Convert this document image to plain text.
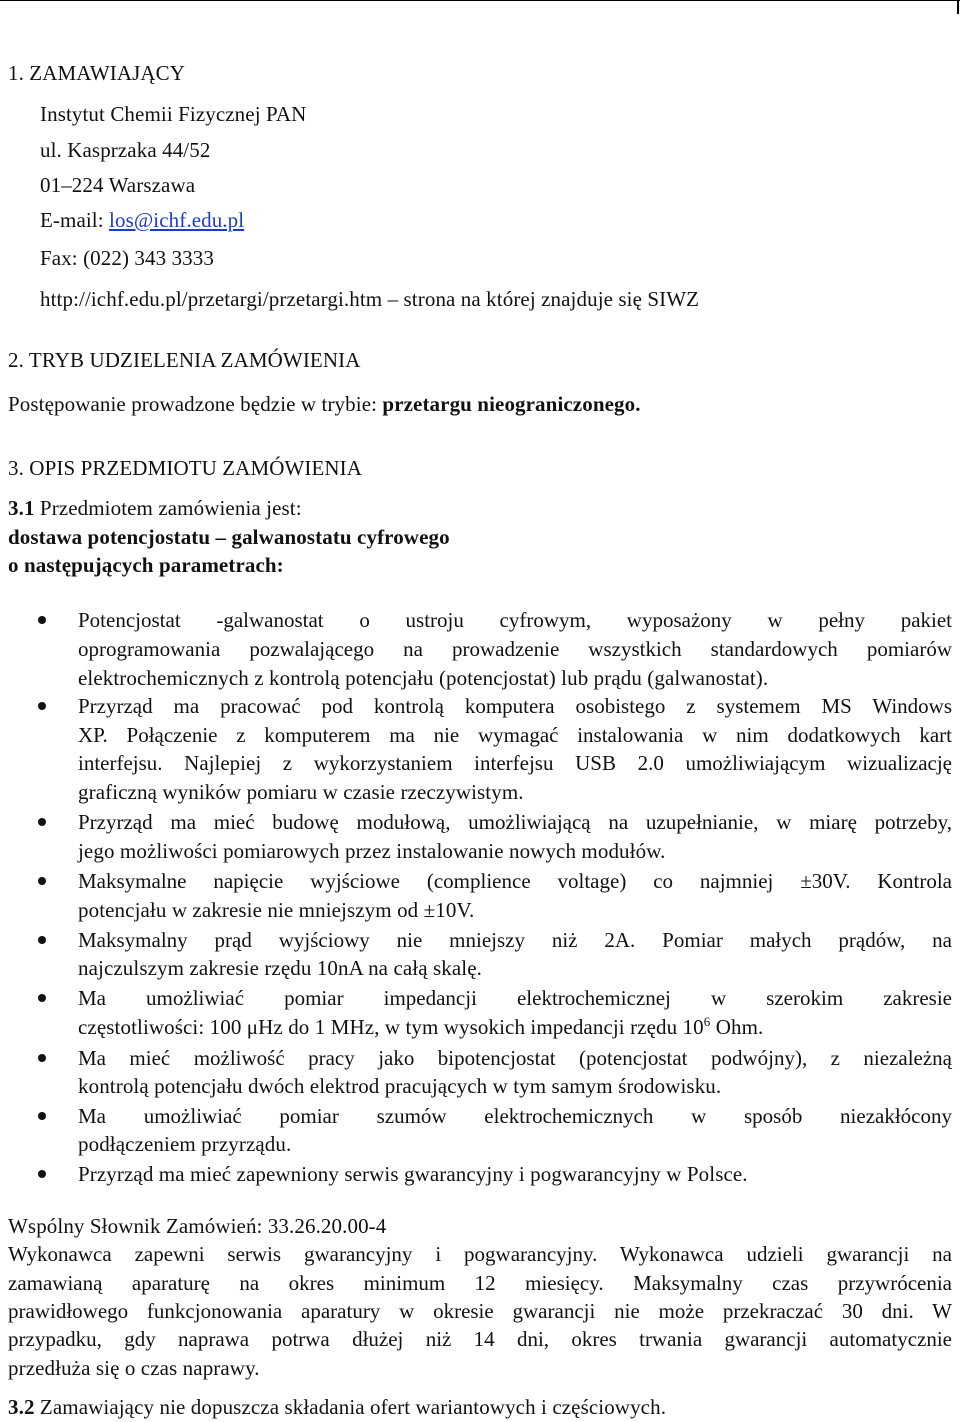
1. ZAMAWIAJĄCY
Instytut Chemii Fizycznej PAN
ul. Kasprzaka 44/52
01–224 Warszawa
E-mail: los@ichf.edu.pl
Fax: (022) 343 3333
http://ichf.edu.pl/przetargi/przetargi.htm – strona na której znajduje się SIWZ
2. TRYB UDZIELENIA ZAMÓWIENIA
Postępowanie prowadzone będzie w trybie: przetargu nieograniczonego.
3. OPIS PRZEDMIOTU ZAMÓWIENIA
3.1 Przedmiotem zamówienia jest:
dostawa potencjostatu – galwanostatu cyfrowego
o następujących parametrach:
Potencjostat -galwanostat o ustroju cyfrowym, wyposażony w pełny pakiet
oprogramowania pozwalającego na prowadzenie wszystkich standardowych pomiarów
elektrochemicznych z kontrolą potencjału (potencjostat) lub prądu (galwanostat).
Przyrząd ma pracować pod kontrolą komputera osobistego z systemem MS Windows
XP. Połączenie z komputerem ma nie wymagać instalowania w nim dodatkowych kart
interfejsu. Najlepiej z wykorzystaniem interfejsu USB 2.0 umożliwiającym wizualizację
graficzną wyników pomiaru w czasie rzeczywistym.
Przyrząd ma mieć budowę modułową, umożliwiającą na uzupełnianie, w miarę potrzeby,
jego możliwości pomiarowych przez instalowanie nowych modułów.
Maksymalne napięcie wyjściowe (complience voltage) co najmniej ±30V. Kontrola
potencjału w zakresie nie mniejszym od ±10V.
Maksymalny prąd wyjściowy nie mniejszy niż 2A. Pomiar małych prądów, na
najczulszym zakresie rzędu 10nA na całą skalę.
Ma umożliwiać pomiar impedancji elektrochemicznej w szerokim zakresie
częstotliwości: 100 μHz do 1 MHz, w tym wysokich impedancji rzędu $10^6$ Ohm.
Ma mieć możliwość pracy jako bipotencjostat (potencjostat podwójny), z niezależną
kontrolą potencjału dwóch elektrod pracujących w tym samym środowisku.
Ma umożliwiać pomiar szumów elektrochemicznych w sposób niezakłócony
podłączeniem przyrządu.
Przyrząd ma mieć zapewniony serwis gwarancyjny i pogwarancyjny w Polsce.
Wspólny Słownik Zamówień: 33.26.20.00-4
Wykonawca zapewni serwis gwarancyjny i pogwarancyjny. Wykonawca udzieli gwarancji na
zamawianą aparaturę na okres minimum 12 miesięcy. Maksymalny czas przywrócenia
prawidłowego funkcjonowania aparatury w okresie gwarancji nie może przekraczać 30 dni. W
przypadku, gdy naprawa potrwa dłużej niż 14 dni, okres trwania gwarancji automatycznie
przedłuża się o czas naprawy.
3.2 Zamawiający nie dopuszcza składania ofert wariantowych i częściowych.
